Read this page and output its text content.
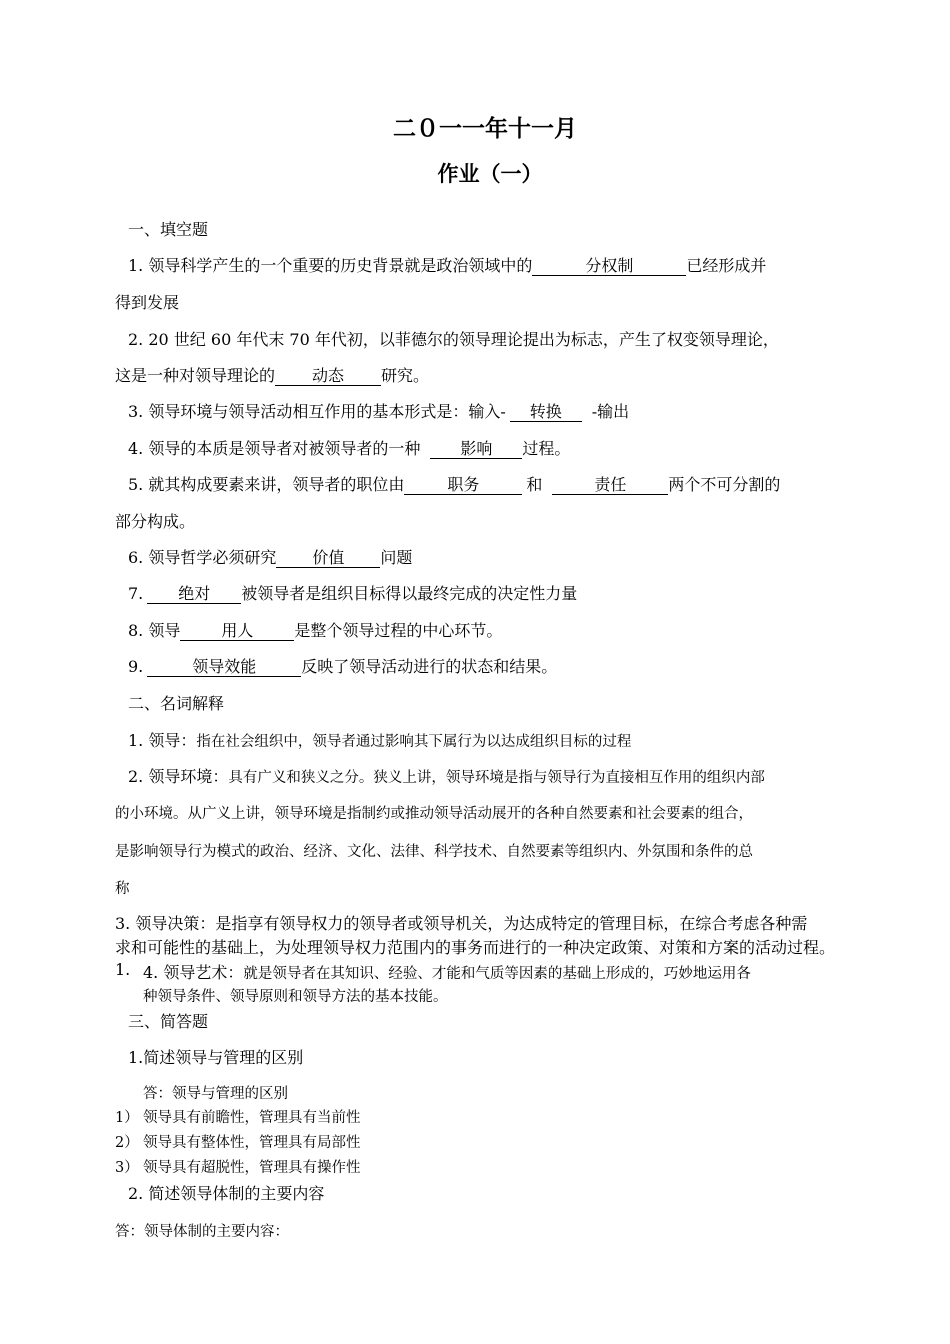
二０一一年十一月
作业（一）
一、填空题
1. 领导科学产生的一个重要的历史背景就是政治领域中的	分权制	已经形成并
得到发展
2. 20 世纪 60 年代末 70 年代初，以菲德尔的领导理论提出为标志，产生了权变领导理论，
这是一种对领导理论的 动态 研究。
3. 领导环境与领导活动相互作用的基本形式是：输入- 转换 -输出
4. 领导的本质是领导者对被领导者的一种 影响 过程。
5. 就其构成要素来讲，领导者的职位由	职务	和	责任	两个不可分割的
部分构成。
6. 领导哲学必须研究 价值 问题
7. 绝对 被领导者是组织目标得以最终完成的决定性力量
8. 领导	用人	是整个领导过程的中心环节。
9.	领导效能	反映了领导活动进行的状态和结果。
二、名词解释
1. 领导：指在社会组织中，领导者通过影响其下属行为以达成组织目标的过程
2. 领导环境：具有广义和狭义之分。狭义上讲，领导环境是指与领导行为直接相互作用的组织内部
的小环境。从广义上讲，领导环境是指制约或推动领导活动展开的各种自然要素和社会要素的组合，
是影响领导行为模式的政治、经济、文化、法律、科学技术、自然要素等组织内、外氛围和条件的总
称
3. 领导决策：是指享有领导权力的领导者或领导机关，为达成特定的管理目标，在综合考虑各种需
求和可能性的基础上，为处理领导权力范围内的事务而进行的一种决定政策、对策和方案的活动过程。
1. 4. 领导艺术：就是领导者在其知识、经验、才能和气质等因素的基础上形成的，巧妙地运用各
种领导条件、领导原则和领导方法的基本技能。
三、简答题
1.简述领导与管理的区别
答：领导与管理的区别
1） 领导具有前瞻性，管理具有当前性
2） 领导具有整体性，管理具有局部性
3） 领导具有超脱性，管理具有操作性
2. 简述领导体制的主要内容
答：领导体制的主要内容：
